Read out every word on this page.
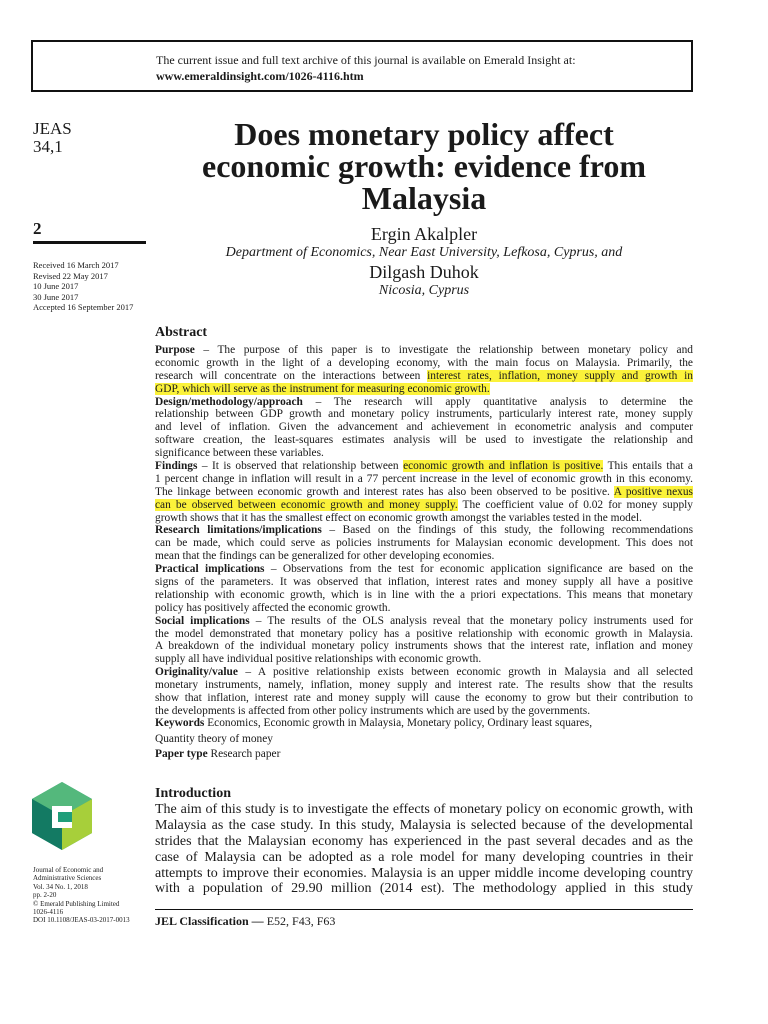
The current issue and full text archive of this journal is available on Emerald Insight at:
www.emeraldinsight.com/1026-4116.htm
JEAS
34,1
2
Received 16 March 2017
Revised 22 May 2017
10 June 2017
30 June 2017
Accepted 16 September 2017
Does monetary policy affect
economic growth: evidence from
Malaysia
Ergin Akalpler
Department of Economics, Near East University, Lefkosa, Cyprus, and
Dilgash Duhok
Nicosia, Cyprus
Abstract
Purpose – The purpose of this paper is to investigate the relationship between monetary policy and
economic growth in the light of a developing economy, with the main focus on Malaysia. Primarily, the
research will concentrate on the interactions between interest rates, inflation, money supply and growth in
GDP, which will serve as the instrument for measuring economic growth.
Design/methodology/approach – The research will apply quantitative analysis to determine the
relationship between GDP growth and monetary policy instruments, particularly interest rate, money supply
and level of inflation. Given the advancement and achievement in econometric analysis and computer
software creation, the least-squares estimates analysis will be used to investigate the relationship and
significance between these variables.
Findings – It is observed that relationship between economic growth and inflation is positive. This entails that a
1 percent change in inflation will result in a 77 percent increase in the level of economic growth in this economy.
The linkage between economic growth and interest rates has also been observed to be positive. A positive nexus
can be observed between economic growth and money supply. The coefficient value of 0.02 for money supply
growth shows that it has the smallest effect on economic growth amongst the variables tested in the model.
Research limitations/implications – Based on the findings of this study, the following recommendations
can be made, which could serve as policies instruments for Malaysian economic development. This does not
mean that the findings can be generalized for other developing economies.
Practical implications – Observations from the test for economic application significance are based on the
signs of the parameters. It was observed that inflation, interest rates and money supply all have a positive
relationship with economic growth, which is in line with the a priori expectations. This means that monetary
policy has positively affected the economic growth.
Social implications – The results of the OLS analysis reveal that the monetary policy instruments used for
the model demonstrated that monetary policy has a positive relationship with economic growth in Malaysia.
A breakdown of the individual monetary policy instruments shows that the interest rate, inflation and money
supply all have individual positive relationships with economic growth.
Originality/value – A positive relationship exists between economic growth in Malaysia and all selected
monetary instruments, namely, inflation, money supply and interest rate. The results show that the results
show that inflation, interest rate and money supply will cause the economy to grow but their contribution to
the developments is affected from other policy instruments which are used by the governments.
Keywords Economics, Economic growth in Malaysia, Monetary policy, Ordinary least squares,
Quantity theory of money
Paper type Research paper
Journal of Economic and
Administrative Sciences
Vol. 34 No. 1, 2018
pp. 2-20
© Emerald Publishing Limited
1026-4116
DOI 10.1108/JEAS-03-2017-0013
Introduction
The aim of this study is to investigate the effects of monetary policy on economic growth, with
Malaysia as the case study. In this study, Malaysia is selected because of the developmental
strides that the Malaysian economy has experienced in the past several decades and as the
case of Malaysia can be adopted as a role model for many developing countries in their
attempts to improve their economies. Malaysia is an upper middle income developing country
with a population of 29.90 million (2014 est). The methodology applied in this study
JEL Classification — E52, F43, F63
